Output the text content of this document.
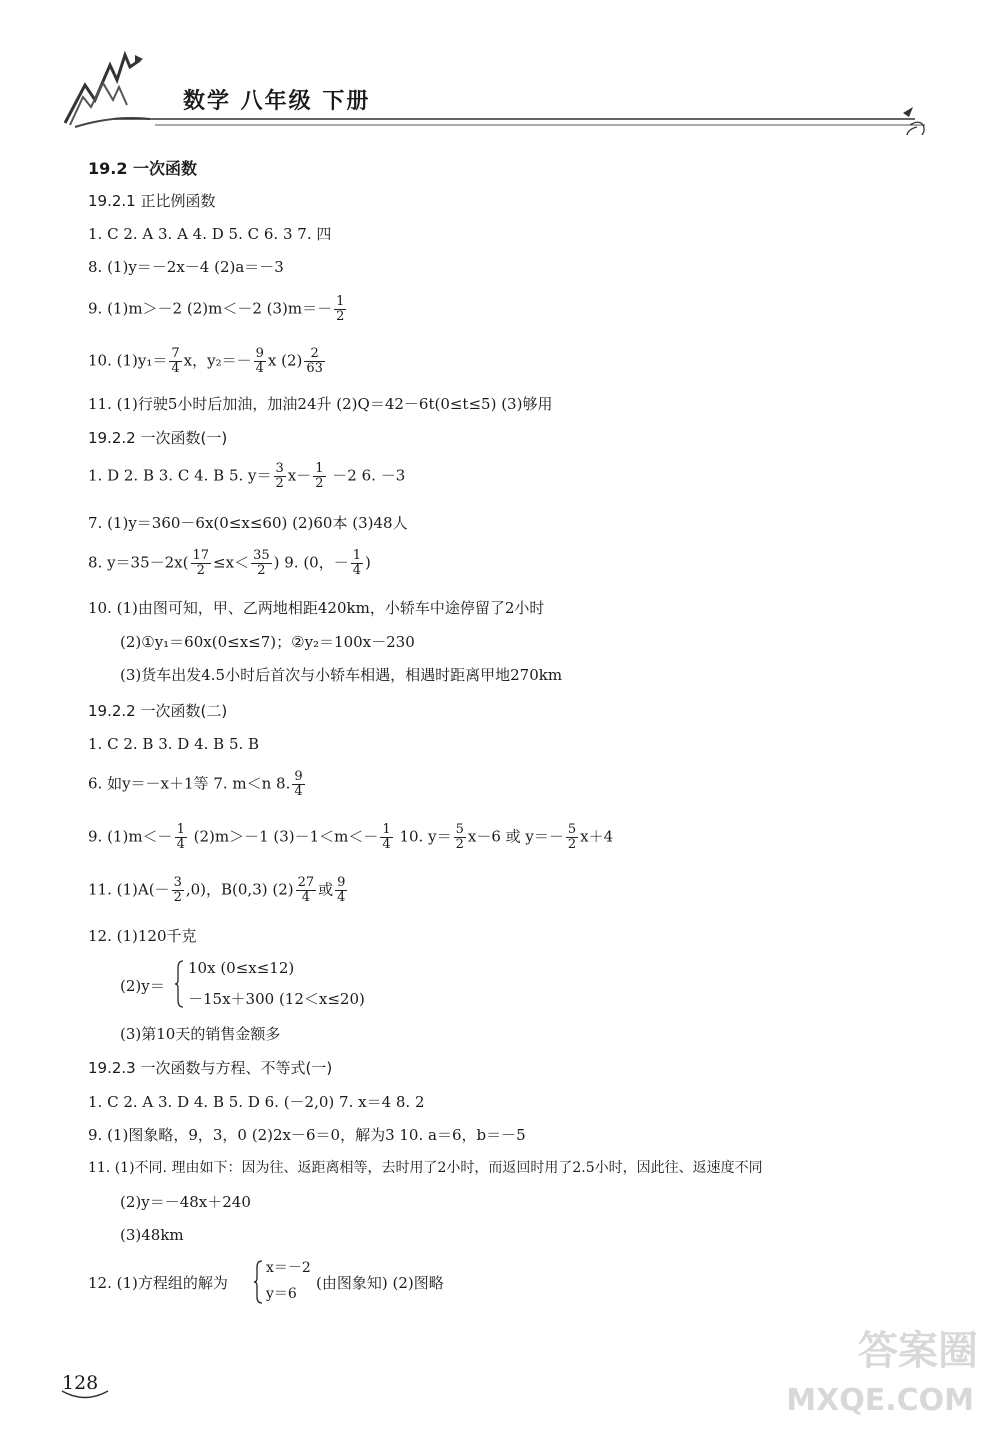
数学 八年级 下册
19.2 一次函数
19.2.1 正比例函数
1. C 2. A 3. A 4. D 5. C 6. 3 7. 四
8. (1)y＝－2x－4 (2)a＝－3
9. (1)m＞－2 (2)m＜－2 $(3)m=- \frac{1}{2}$
10. $(1)y_1= \frac{7}{4}$ x，$y_2=- \frac{9}{4}$ x $(2) \frac{2}{63}$
11. (1)行驶5小时后加油，加油24升 (2)Q＝42－6t(0≤t≤5) (3)够用
19.2.2 一次函数(一)
1. D 2. B 3. C 4. B 5. $y= \frac{3}{2} x- \frac{1}{2} -2$ 6. －3
7. (1)y＝360－6x(0≤x≤60) (2)60本 (3)48人
8. $y=35-2x( \frac{17}{2} \le x< \frac{35}{2}$ ) 9. (0，－ $\frac{1}{4}$ )
10. (1)由图可知，甲、乙两地相距420km，小轿车中途停留了2小时
(2)①y₁＝60x(0≤x≤7)；②y₂＝100x－230
(3)货车出发4.5小时后首次与小轿车相遇，相遇时距离甲地270km
19.2.2 一次函数(二)
1. C 2. B 3. D 4. B 5. B
6. 如y＝－x＋1等 7. m＜n 8. $\frac{9}{4}$
9. $(1)m<- \frac{1}{4} (2)m>-1$ $(3)-1<m<- \frac{1}{4} 10$. $y= \frac{5}{2} x-6$ 或 $y=- \frac{5}{2} x+4$
11. $(1)A(- \frac{3}{2} ,0)$，B(0,3) $(2) \frac{27}{4}$ 或 $\frac{9}{4}$
12. (1)120千克
(2)y＝
10x (0≤x≤12)
－15x＋300 (12＜x≤20)
(3)第10天的销售金额多
19.2.3 一次函数与方程、不等式(一)
1. C 2. A 3. D 4. B 5. D 6. (－2,0) 7. x＝4 8. 2
9. (1)图象略，9，3，0 (2)2x－6＝0，解为3 10. a＝6，b＝－5
11. (1)不同. 理由如下：因为往、返距离相等，去时用了2小时，而返回时用了2.5小时，因此往、返速度不同
(2)y＝－48x＋240
(3)48km
12. (1)方程组的解为
x＝－2
y＝6
(由图象知) (2)图略
128
答案圈
MXQE.COM
